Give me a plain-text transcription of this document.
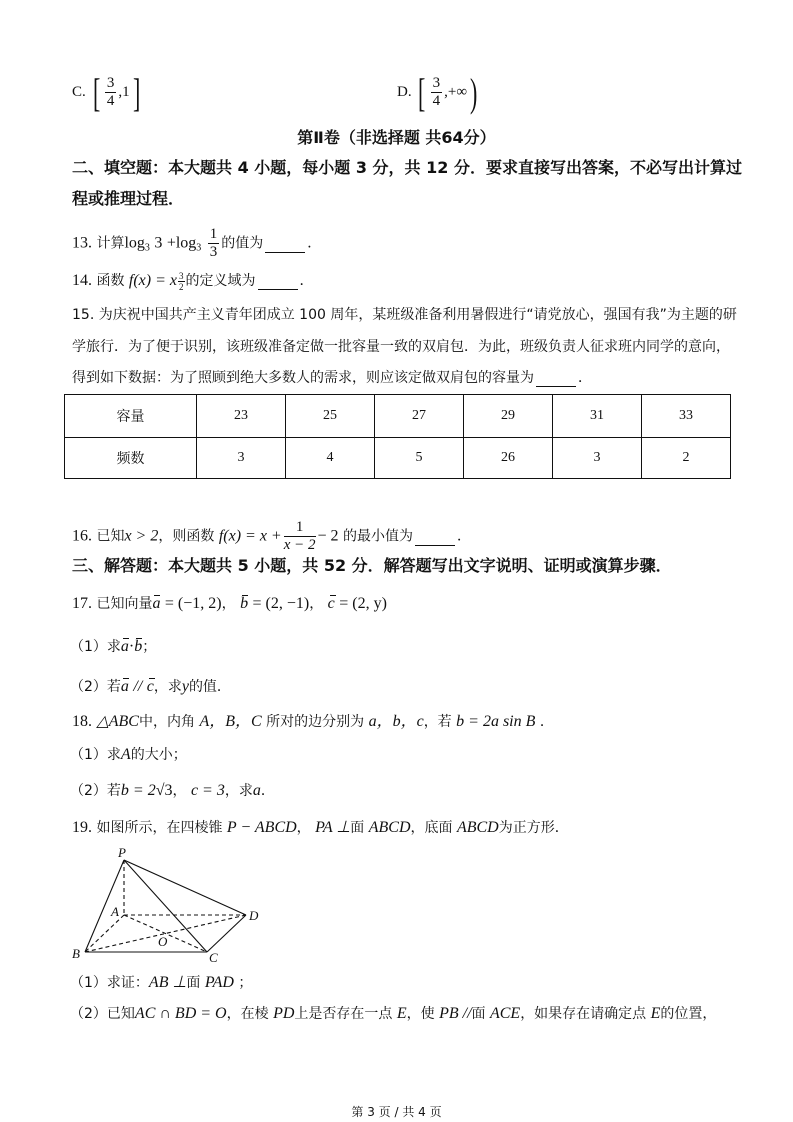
C. [ $\frac{3}{4} ,1$]	D. [ $\frac{3}{4}$ ,+∞)
第Ⅱ卷（非选择题 共64分）
二、填空题：本大题共 4 小题，每小题 3 分，共 12 分．要求直接写出答案，不必写出计算过
程或推理过程．
13. 计算$\log_3 3 +\log_3 \frac{1}{3}$ 的值为	．
14. 函数 f(x) = x $\frac{3}{2}$ 的定义域为	．
15. 为庆祝中国共产主义青年团成立 100 周年，某班级准备利用暑假进行“请党放心，强国有我”为主题的研
学旅行．为了便于识别，该班级准备定做一批容量一致的双肩包．为此，班级负责人征求班内同学的意向，
得到如下数据：为了照顾到绝大多数人的需求，则应该定做双肩包的容量为	．
容量	23	25	27	29	31	33
频数	3	4	5	26	3	2
16. 已知x > 2，则函数 $f(x) = x + \frac{1}{x - 2} - 2$ 的最小值为	．
三、解答题：本大题共 5 小题，共 52 分．解答题写出文字说明、证明或演算步骤．
17. 已知向量a = (−1, 2)， b = (2, −1)， c = (2, y)
（1）求a·b；
（2）若a // c，求y的值．
18. △ABC中，内角 A，B，C 所对的边分别为 a，b，c，若 b = 2a sin B ．
（1）求A的大小；
（2）若b = 2√3， c = 3，求a．
19. 如图所示，在四棱锥 P − ABCD， PA ⊥面 ABCD，底面 ABCD为正方形．
P
A	D
B	C
O
（1）求证：AB ⊥面 PAD ；
（2）已知AC ∩ BD = O，在棱 PD上是否存在一点 E，使 PB //面 ACE，如果存在请确定点 E的位置，
第 3 页 / 共 4 页
